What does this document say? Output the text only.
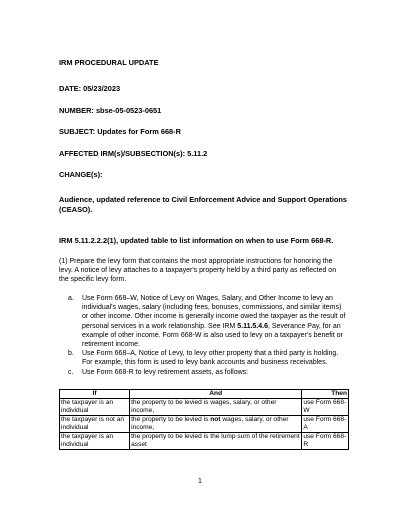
IRM PROCEDURAL UPDATE
DATE: 05/23/2023
NUMBER: sbse-05-0523-0651
SUBJECT: Updates for Form 668-R
AFFECTED IRM(s)/SUBSECTION(s): 5.11.2
CHANGE(s):
Audience, updated reference to Civil Enforcement Advice and Support Operations (CEASO).
IRM 5.11.2.2.2(1), updated table to list information on when to use Form 668-R.
(1) Prepare the levy form that contains the most appropriate instructions for honoring the levy. A notice of levy attaches to a taxpayer's property held by a third party as reflected on the specific levy form.
a. Use Form 668–W, Notice of Levy on Wages, Salary, and Other Income to levy an individual's wages, salary (including fees, bonuses, commissions, and similar items) or other income. Other income is generally income owed the taxpayer as the result of personal services in a work relationship. See IRM 5.11.5.4.6, Severance Pay, for an example of other income. Form 668-W is also used to levy on a taxpayer's benefit or retirement income.
b. Use Form 668–A, Notice of Levy, to levy other property that a third party is holding. For example, this form is used to levy bank accounts and business receivables.
c. Use Form 668-R to levy retirement assets, as follows:
If	And	Then
the taxpayer is an individual	the property to be levied is wages, salary, or other income,	use Form 668-W
the taxpayer is not an individual	the property to be levied is not wages, salary, or other income,	use Form 668-A
the taxpayer is an individual	the property to be levied is the lump sum of the retirement asset	use Form 668-R
1
